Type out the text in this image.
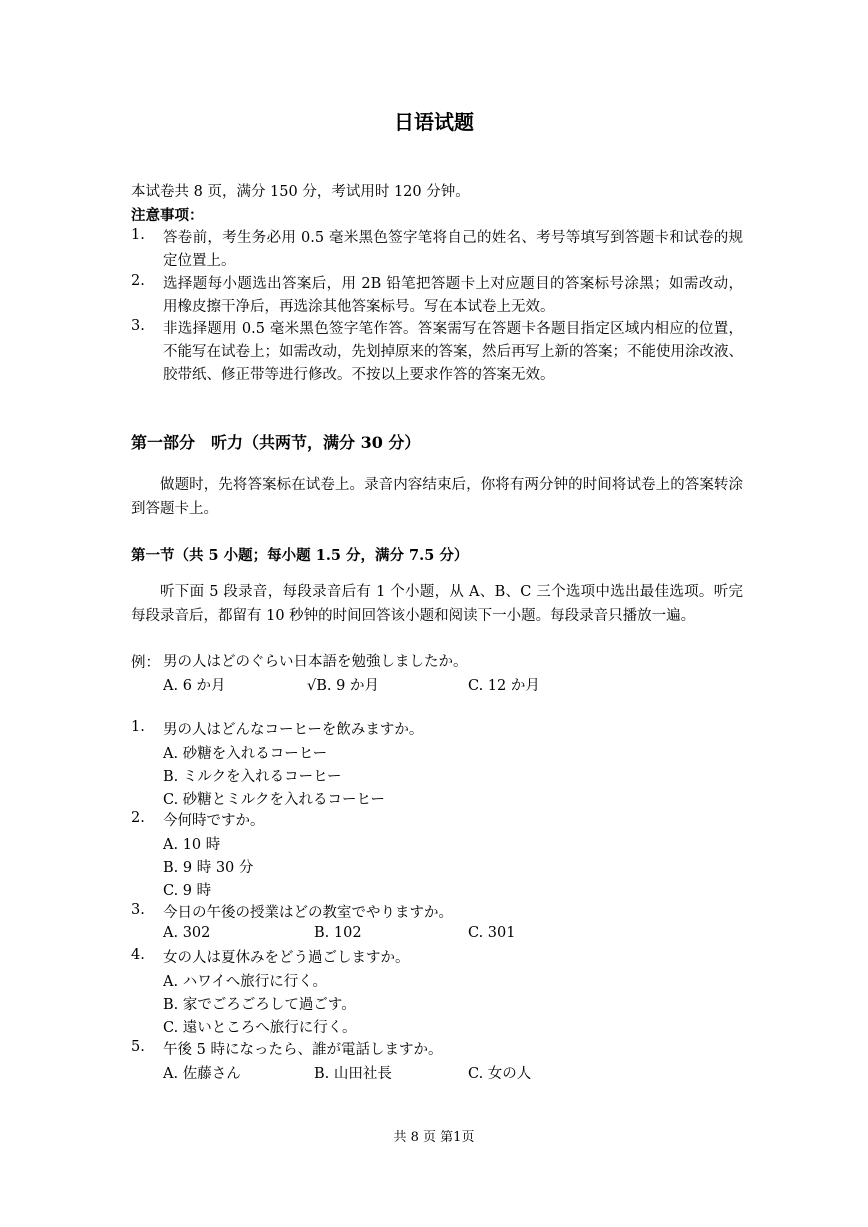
日语试题
本试卷共 8 页，满分 150 分，考试用时 120 分钟。
注意事项：
1. 答卷前，考生务必用 0.5 毫米黑色签字笔将自己的姓名、考号等填写到答题卡和试卷的规定位置上。
2. 选择题每小题选出答案后，用 2B 铅笔把答题卡上对应题目的答案标号涂黑；如需改动，用橡皮擦干净后，再选涂其他答案标号。写在本试卷上无效。
3. 非选择题用 0.5 毫米黑色签字笔作答。答案需写在答题卡各题目指定区域内相应的位置，不能写在试卷上；如需改动，先划掉原来的答案，然后再写上新的答案；不能使用涂改液、胶带纸、修正带等进行修改。不按以上要求作答的答案无效。
第一部分　听力（共两节，满分 30 分）
做题时，先将答案标在试卷上。录音内容结束后，你将有两分钟的时间将试卷上的答案转涂到答题卡上。
第一节（共 5 小题；每小题 1.5 分，满分 7.5 分）
听下面 5 段录音，每段录音后有 1 个小题，从 A、B、C 三个选项中选出最佳选项。听完每段录音后，都留有 10 秒钟的时间回答该小题和阅读下一小题。每段录音只播放一遍。
例： 男の人はどのぐらい日本語を勉強しましたか。
A. 6 か月	√B. 9 か月	C. 12 か月
1. 男の人はどんなコーヒーを飲みますか。
A. 砂糖を入れるコーヒー
B. ミルクを入れるコーヒー
C. 砂糖とミルクを入れるコーヒー
2. 今何時ですか。
A. 10 時
B. 9 時 30 分
C. 9 時
3. 今日の午後の授業はどの教室でやりますか。
A. 302	B. 102	C. 301
4. 女の人は夏休みをどう過ごしますか。
A. ハワイへ旅行に行く。
B. 家でごろごろして過ごす。
C. 遠いところへ旅行に行く。
5. 午後 5 時になったら、誰が電話しますか。
A. 佐藤さん	B. 山田社長	C. 女の人
共 8 页 第1页
